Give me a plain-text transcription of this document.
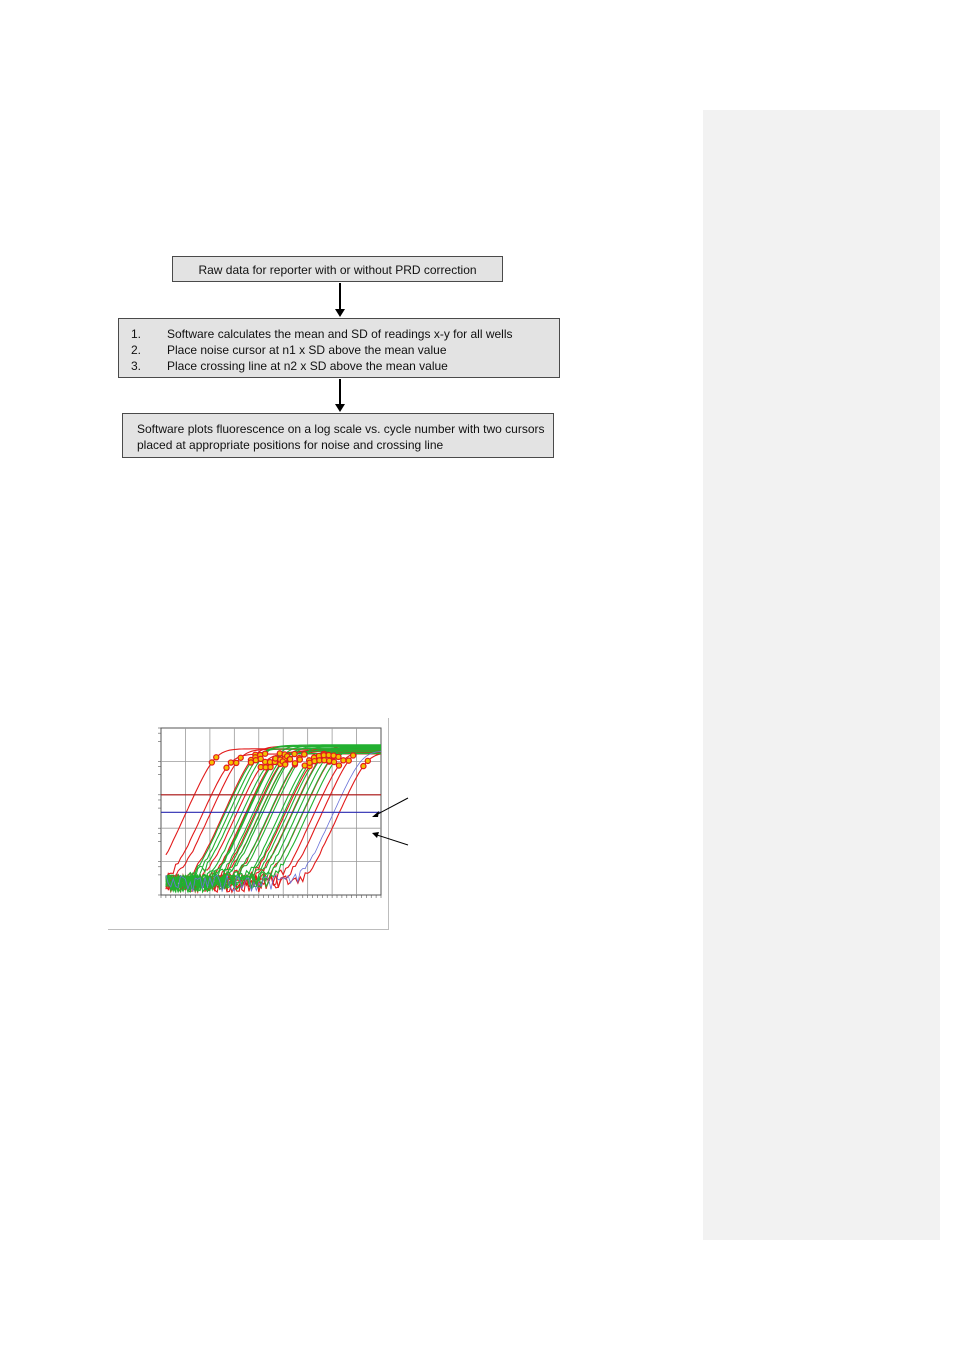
Raw data for reporter with or without PRD correction
1.	Software calculates the mean and SD of readings x-y for all wells
2.	Place noise cursor at n1 x SD above the mean value
3.	Place crossing line at n2 x SD above the mean value
Software plots fluorescence on a log scale vs. cycle number with two cursors placed at appropriate positions for noise and crossing line
